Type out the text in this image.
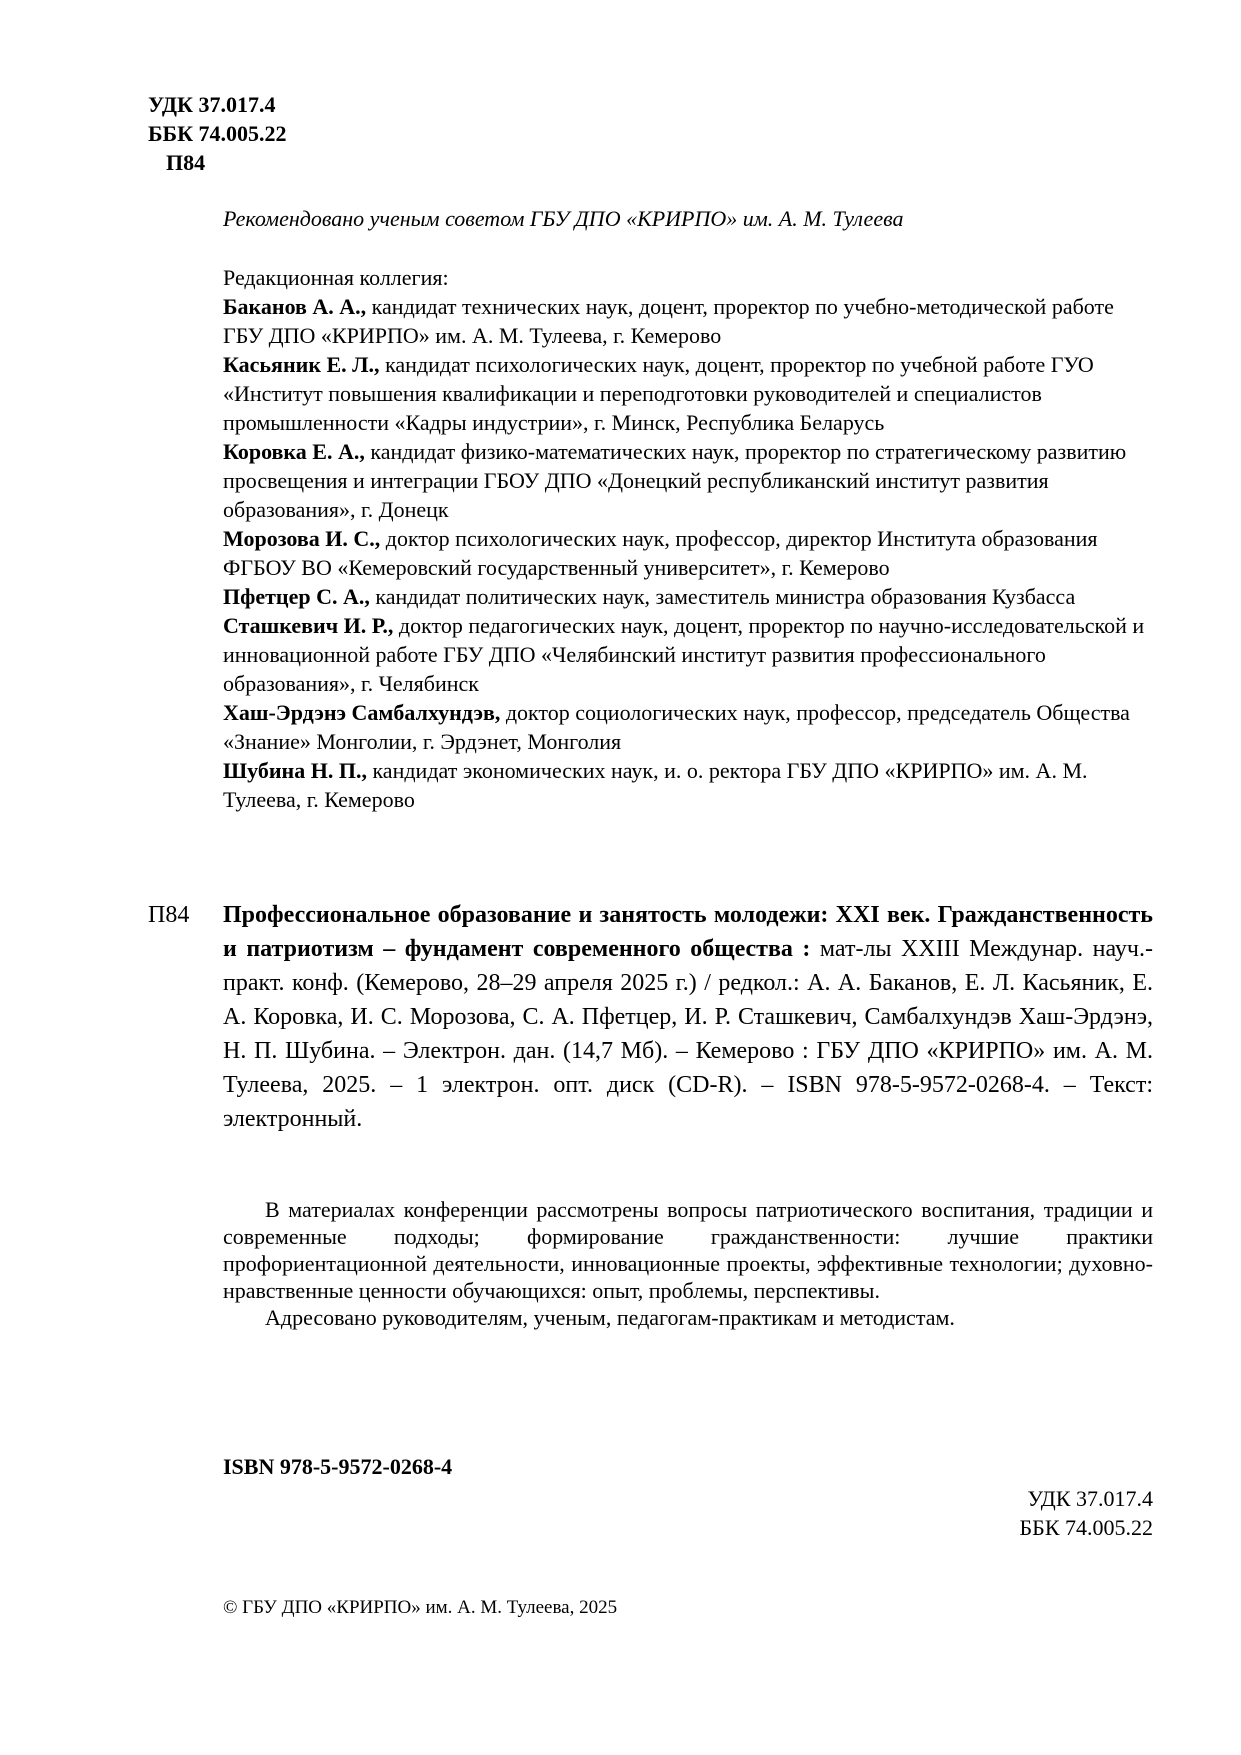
УДК 37.017.4
ББК 74.005.22
П84
Рекомендовано ученым советом ГБУ ДПО «КРИРПО» им. А. М. Тулеева
Редакционная коллегия:

Баканов А. А., кандидат технических наук, доцент, проректор по учебно-методической работе ГБУ ДПО «КРИРПО» им. А. М. Тулеева, г. Кемерово

Касьяник Е. Л., кандидат психологических наук, доцент, проректор по учебной работе ГУО «Институт повышения квалификации и переподготовки руководителей и специалистов промышленности «Кадры индустрии», г. Минск, Республика Беларусь

Коровка Е. А., кандидат физико-математических наук, проректор по стратегическому развитию просвещения и интеграции ГБОУ ДПО «Донецкий республиканский институт развития образования», г. Донецк

Морозова И. С., доктор психологических наук, профессор, директор Института образования ФГБОУ ВО «Кемеровский государственный университет», г. Кемерово

Пфетцер С. А., кандидат политических наук, заместитель министра образования Кузбасса

Сташкевич И. Р., доктор педагогических наук, доцент, проректор по научно-исследовательской и инновационной работе ГБУ ДПО «Челябинский институт развития профессионального образования», г. Челябинск

Хаш-Эрдэнэ Самбалхундэв, доктор социологических наук, профессор, председатель Общества «Знание» Монголии, г. Эрдэнет, Монголия

Шубина Н. П., кандидат экономических наук, и. о. ректора ГБУ ДПО «КРИРПО» им. А. М. Тулеева, г. Кемерово

П84 Профессиональное образование и занятость молодежи: XXI век. Гражданственность и патриотизм – фундамент современного общества : мат-лы XXIII Междунар. науч.-практ. конф. (Кемерово, 28–29 апреля 2025 г.) / редкол.: А. А. Баканов, Е. Л. Касьяник, Е. А. Коровка, И. С. Морозова, С. А. Пфетцер, И. Р. Сташкевич, Самбалхундэв Хаш-Эрдэнэ, Н. П. Шубина. – Электрон. дан. (14,7 Мб). – Кемерово : ГБУ ДПО «КРИРПО» им. А. М. Тулеева, 2025. – 1 электрон. опт. диск (CD-R). – ISBN 978-5-9572-0268-4. – Текст: электронный.

В материалах конференции рассмотрены вопросы патриотического воспитания, традиции и современные подходы; формирование гражданственности: лучшие практики профориентационной деятельности, инновационные проекты, эффективные технологии; духовно-нравственные ценности обучающихся: опыт, проблемы, перспективы.

Адресовано руководителям, ученым, педагогам-практикам и методистам.

ISBN 978-5-9572-0268-4
УДК 37.017.4
ББК 74.005.22
© ГБУ ДПО «КРИРПО» им. А. М. Тулеева, 2025
